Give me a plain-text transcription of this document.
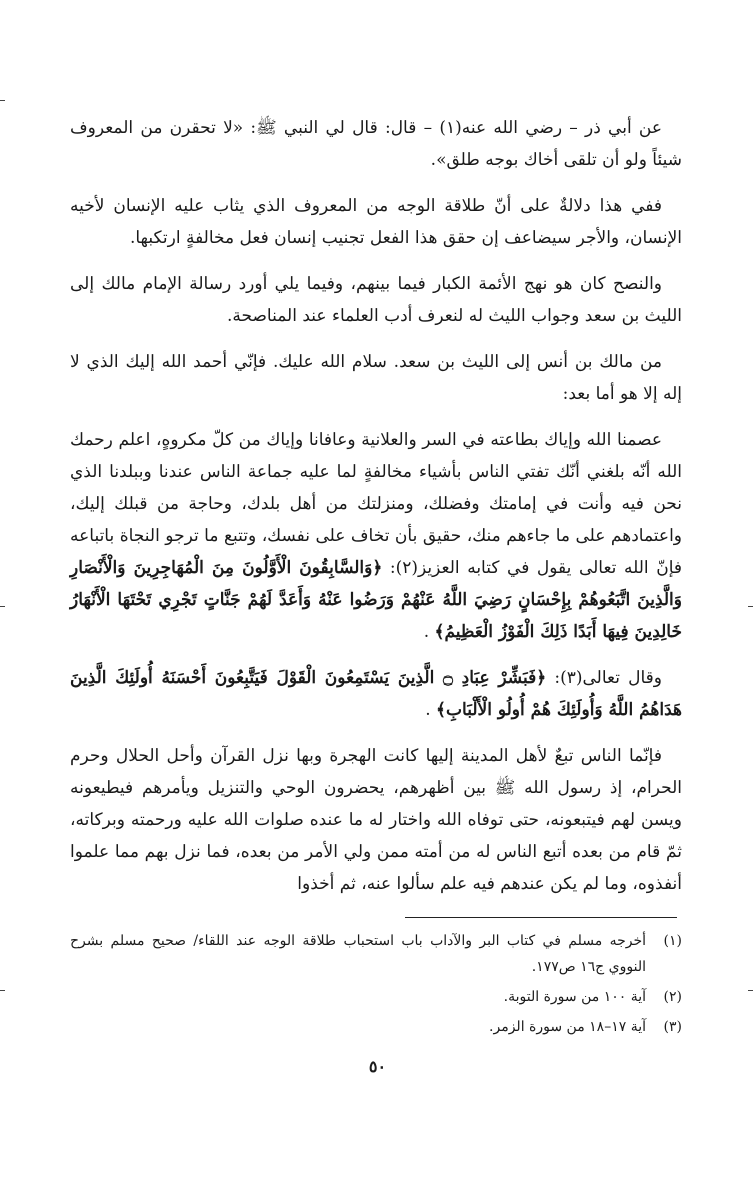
عن أبي ذر – رضي الله عنه(١) – قال: قال لي النبي ﷺ: «لا تحقرن من المعروف شيئاً ولو أن تلقى أخاك بوجه طلق».

ففي هذا دلالةٌ على أنّ طلاقة الوجه من المعروف الذي يثاب عليه الإنسان لأخيه الإنسان، والأجر سيضاعف إن حقق هذا الفعل تجنيب إنسان فعل مخالفةٍ ارتكبها.

والنصح كان هو نهج الأئمة الكبار فيما بينهم، وفيما يلي أورد رسالة الإمام مالك إلى الليث بن سعد وجواب الليث له لنعرف أدب العلماء عند المناصحة.

من مالك بن أنس إلى الليث بن سعد. سلام الله عليك. فإنّي أحمد الله إليك الذي لا إله إلا هو أما بعد:

عصمنا الله وإياك بطاعته في السر والعلانية وعافانا وإياك من كلّ مكروهٍ، اعلم رحمك الله أنّه بلغني أنّك تفتي الناس بأشياء مخالفةٍ لما عليه جماعة الناس عندنا وببلدنا الذي نحن فيه وأنت في إمامتك وفضلك، ومنزلتك من أهل بلدك، وحاجة من قبلك إليك، واعتمادهم على ما جاءهم منك، حقيق بأن تخاف على نفسك، وتتبع ما ترجو النجاة باتباعه فإنّ الله تعالى يقول في كتابه العزيز(٢): ﴿وَالسَّابِقُونَ الْأَوَّلُونَ مِنَ الْمُهَاجِرِينَ وَالْأَنْصَارِ وَالَّذِينَ اتَّبَعُوهُمْ بِإِحْسَانٍ رَضِيَ اللَّهُ عَنْهُمْ وَرَضُوا عَنْهُ وَأَعَدَّ لَهُمْ جَنَّاتٍ تَجْرِي تَحْتَهَا الْأَنْهَارُ خَالِدِينَ فِيهَا أَبَدًا ذَلِكَ الْفَوْزُ الْعَظِيمُ﴾ .

وقال تعالى(٣): ﴿فَبَشِّرْ عِبَادِ ۝ الَّذِينَ يَسْتَمِعُونَ الْقَوْلَ فَيَتَّبِعُونَ أَحْسَنَهُ أُولَئِكَ الَّذِينَ هَدَاهُمُ اللَّهُ وَأُولَئِكَ هُمْ أُولُو الْأَلْبَابِ﴾ .

فإنّما الناس تبعٌ لأهل المدينة إليها كانت الهجرة وبها نزل القرآن وأحل الحلال وحرم الحرام، إذ رسول الله ﷺ بين أظهرهم، يحضرون الوحي والتنزيل ويأمرهم فيطيعونه ويسن لهم فيتبعونه، حتى توفاه الله واختار له ما عنده صلوات الله عليه ورحمته وبركاته، ثمّ قام من بعده أتبع الناس له من أمته ممن ولي الأمر من بعده، فما نزل بهم مما علموا أنفذوه، وما لم يكن عندهم فيه علم سألوا عنه، ثم أخذوا

(١)
أخرجه مسلم في كتاب البر والآداب باب استحباب طلاقة الوجه عند اللقاء/ صحيح مسلم بشرح النووي ج١٦ ص١٧٧.
(٢)
آية ١٠٠ من سورة التوبة.
(٣)
آية ١٧–١٨ من سورة الزمر.
٥٠
